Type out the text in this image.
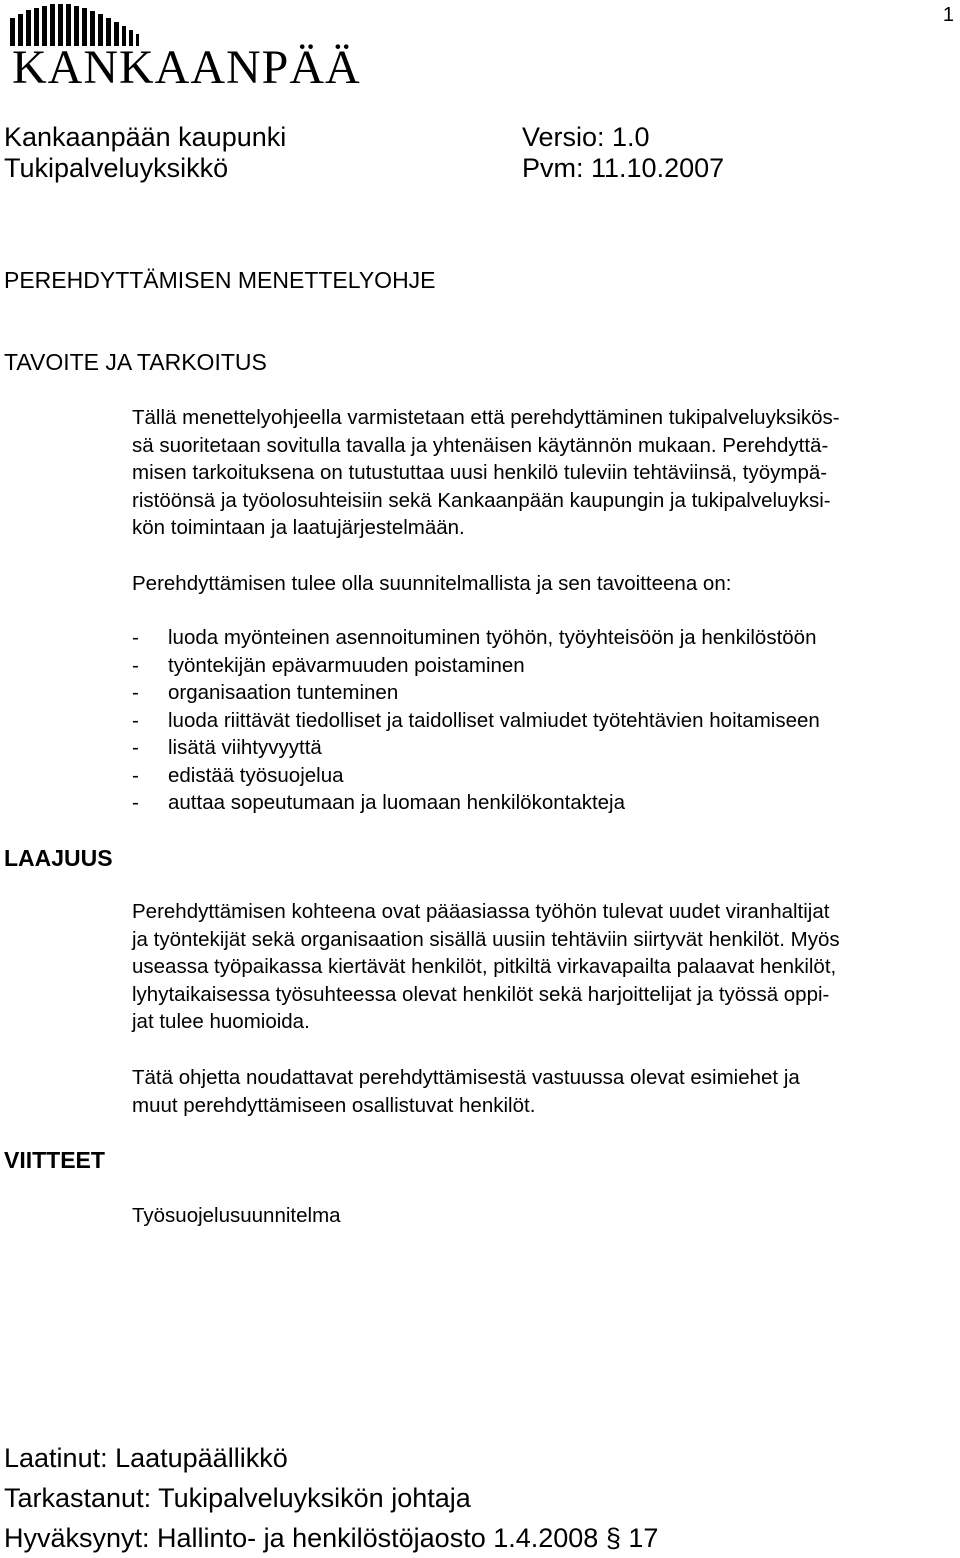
1
KANKAANPÄÄ
Kankaanpään kaupunki
Tukipalveluyksikkö
Versio: 1.0
Pvm: 11.10.2007
PEREHDYTTÄMISEN MENETTELYOHJE
TAVOITE JA TARKOITUS
Tällä menettelyohjeella varmistetaan että perehdyttäminen tukipalveluyksikös-
sä suoritetaan sovitulla tavalla ja yhtenäisen käytännön mukaan. Perehdyttä-
misen tarkoituksena on tutustuttaa uusi henkilö tuleviin tehtäviinsä, työympä-
ristöönsä ja työolosuhteisiin sekä Kankaanpään kaupungin ja tukipalveluyksi-
kön toimintaan ja laatujärjestelmään.
Perehdyttämisen tulee olla suunnitelmallista ja sen tavoitteena on:
-	luoda myönteinen asennoituminen työhön, työyhteisöön ja henkilöstöön
-	työntekijän epävarmuuden poistaminen
-	organisaation tunteminen
-	luoda riittävät tiedolliset ja taidolliset valmiudet työtehtävien hoitamiseen
-	lisätä viihtyvyyttä
-	edistää työsuojelua
-	auttaa sopeutumaan ja luomaan henkilökontakteja
LAAJUUS
Perehdyttämisen kohteena ovat pääasiassa työhön tulevat uudet viranhaltijat
ja työntekijät sekä organisaation sisällä uusiin tehtäviin siirtyvät henkilöt. Myös
useassa työpaikassa kiertävät henkilöt, pitkiltä virkavapailta palaavat henkilöt,
lyhytaikaisessa työsuhteessa olevat henkilöt sekä harjoittelijat ja työssä oppi-
jat tulee huomioida.
Tätä ohjetta noudattavat perehdyttämisestä vastuussa olevat esimiehet ja
muut perehdyttämiseen osallistuvat henkilöt.
VIITTEET
Työsuojelusuunnitelma
Laatinut: Laatupäällikkö
Tarkastanut: Tukipalveluyksikön johtaja
Hyväksynyt: Hallinto- ja henkilöstöjaosto 1.4.2008 § 17
